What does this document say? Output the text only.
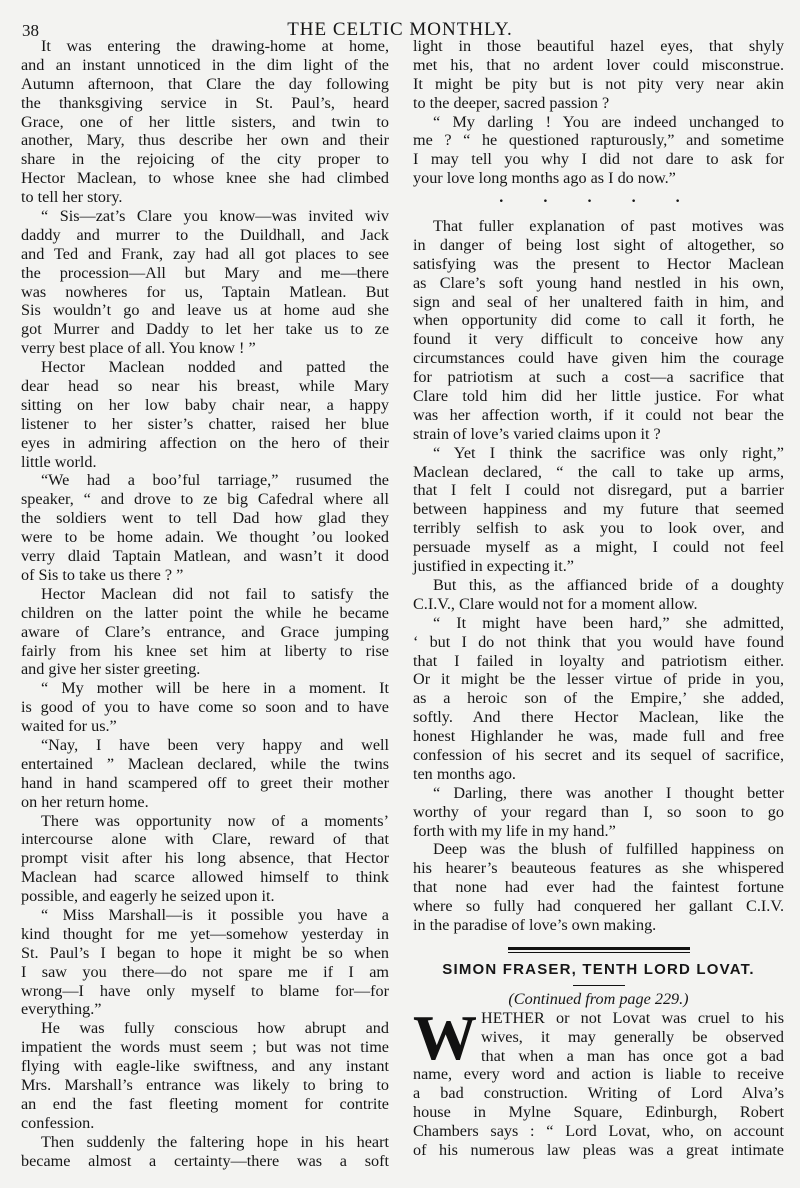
38	THE CELTIC MONTHLY.
It was entering the drawing-home at home,
and an instant unnoticed in the dim light of the
Autumn afternoon, that Clare the day following
the thanksgiving service in St. Paul’s, heard
Grace, one of her little sisters, and twin to
another, Mary, thus describe her own and their
share in the rejoicing of the city proper to
Hector Maclean, to whose knee she had climbed
to tell her story.
“ Sis—zat’s Clare you know—was invited wiv
daddy and murrer to the Duildhall, and Jack
and Ted and Frank, zay had all got places to see
the procession—All but Mary and me—there
was nowheres for us, Taptain Matlean. But
Sis wouldn’t go and leave us at home aud she
got Murrer and Daddy to let her take us to ze
verry best place of all. You know ! ”
Hector Maclean nodded and patted the
dear head so near his breast, while Mary
sitting on her low baby chair near, a happy
listener to her sister’s chatter, raised her blue
eyes in admiring affection on the hero of their
little world.
“We had a boo’ful tarriage,” rusumed the
speaker, “ and drove to ze big Cafedral where all
the soldiers went to tell Dad how glad they
were to be home adain. We thought ’ou looked
verry dlaid Taptain Matlean, and wasn’t it dood
of Sis to take us there ? ”
Hector Maclean did not fail to satisfy the
children on the latter point the while he became
aware of Clare’s entrance, and Grace jumping
fairly from his knee set him at liberty to rise
and give her sister greeting.
“ My mother will be here in a moment. It
is good of you to have come so soon and to have
waited for us.”
“Nay, I have been very happy and well
entertained ” Maclean declared, while the twins
hand in hand scampered off to greet their mother
on her return home.
There was opportunity now of a moments’
intercourse alone with Clare, reward of that
prompt visit after his long absence, that Hector
Maclean had scarce allowed himself to think
possible, and eagerly he seized upon it.
“ Miss Marshall—is it possible you have a
kind thought for me yet—somehow yesterday in
St. Paul’s I began to hope it might be so when
I saw you there—do not spare me if I am
wrong—I have only myself to blame for—for
everything.”
He was fully conscious how abrupt and
impatient the words must seem ; but was not time
flying with eagle-like swiftness, and any instant
Mrs. Marshall’s entrance was likely to bring to
an end the fast fleeting moment for contrite
confession.
Then suddenly the faltering hope in his heart
became almost a certainty—there was a soft
light in those beautiful hazel eyes, that shyly
met his, that no ardent lover could misconstrue.
It might be pity but is not pity very near akin
to the deeper, sacred passion ?
“ My darling ! You are indeed unchanged to
me ? “ he questioned rapturously,” and sometime
I may tell you why I did not dare to ask for
your love long months ago as I do now.”
. . . . .
That fuller explanation of past motives was
in danger of being lost sight of altogether, so
satisfying was the present to Hector Maclean
as Clare’s soft young hand nestled in his own,
sign and seal of her unaltered faith in him, and
when opportunity did come to call it forth, he
found it very difficult to conceive how any
circumstances could have given him the courage
for patriotism at such a cost—a sacrifice that
Clare told him did her little justice. For what
was her affection worth, if it could not bear the
strain of love’s varied claims upon it ?
“ Yet I think the sacrifice was only right,”
Maclean declared, “ the call to take up arms,
that I felt I could not disregard, put a barrier
between happiness and my future that seemed
terribly selfish to ask you to look over, and
persuade myself as a might, I could not feel
justified in expecting it.”
But this, as the affianced bride of a doughty
C.I.V., Clare would not for a moment allow.
“ It might have been hard,” she admitted,
‘ but I do not think that you would have found
that I failed in loyalty and patriotism either.
Or it might be the lesser virtue of pride in you,
as a heroic son of the Empire,’ she added,
softly. And there Hector Maclean, like the
honest Highlander he was, made full and free
confession of his secret and its sequel of sacrifice,
ten months ago.
“ Darling, there was another I thought better
worthy of your regard than I, so soon to go
forth with my life in my hand.”
Deep was the blush of fulfilled happiness on
his hearer’s beauteous features as she whispered
that none had ever had the faintest fortune
where so fully had conquered her gallant C.I.V.
in the paradise of love’s own making.
SIMON FRASER, TENTH LORD LOVAT.
(Continued from page 229.)
W ✿ HETHER or not Lovat was cruel to his
wives, it may generally be observed
that when a man has once got a bad
name, every word and action is liable to receive
a bad construction. Writing of Lord Alva’s
house in Mylne Square, Edinburgh, Robert
Chambers says : “ Lord Lovat, who, on account
of his numerous law pleas was a great intimate
